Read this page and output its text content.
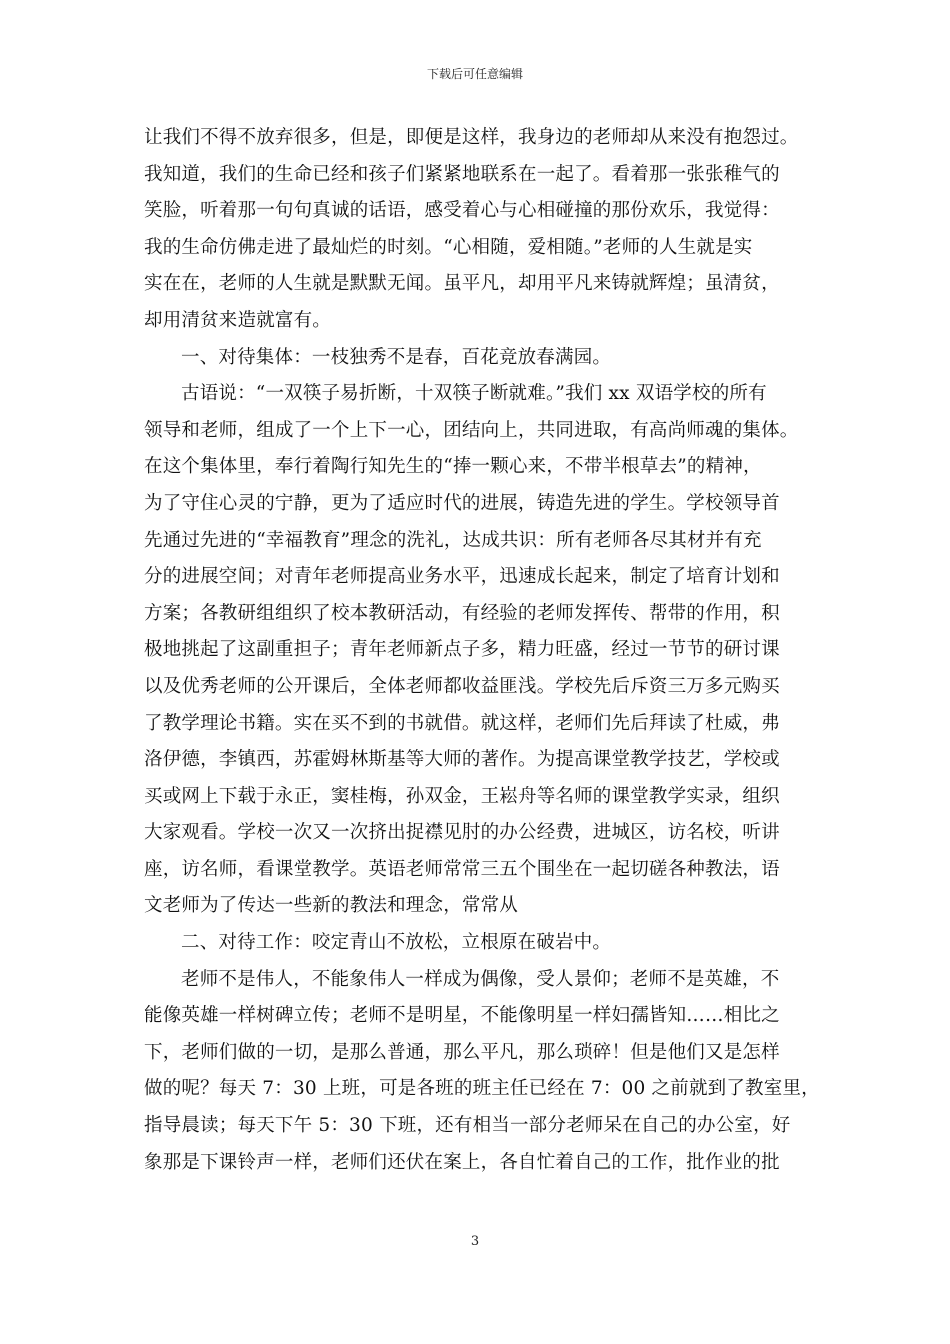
下载后可任意编辑
让我们不得不放弃很多，但是，即便是这样，我身边的老师却从来没有抱怨过。
我知道，我们的生命已经和孩子们紧紧地联系在一起了。看着那一张张稚气的
笑脸，听着那一句句真诚的话语，感受着心与心相碰撞的那份欢乐，我觉得：
我的生命仿佛走进了最灿烂的时刻。“心相随，爱相随。”老师的人生就是实
实在在，老师的人生就是默默无闻。虽平凡，却用平凡来铸就辉煌；虽清贫，
却用清贫来造就富有。
一、对待集体：一枝独秀不是春，百花竞放春满园。
古语说：“一双筷子易折断，十双筷子断就难。”我们 xx 双语学校的所有
领导和老师，组成了一个上下一心，团结向上，共同进取，有高尚师魂的集体。
在这个集体里，奉行着陶行知先生的“捧一颗心来，不带半根草去”的精神，
为了守住心灵的宁静，更为了适应时代的进展，铸造先进的学生。学校领导首
先通过先进的“幸福教育”理念的洗礼，达成共识：所有老师各尽其材并有充
分的进展空间；对青年老师提高业务水平，迅速成长起来，制定了培育计划和
方案；各教研组组织了校本教研活动，有经验的老师发挥传、帮带的作用，积
极地挑起了这副重担子；青年老师新点子多，精力旺盛，经过一节节的研讨课
以及优秀老师的公开课后，全体老师都收益匪浅。学校先后斥资三万多元购买
了教学理论书籍。实在买不到的书就借。就这样，老师们先后拜读了杜威，弗
洛伊德，李镇西，苏霍姆林斯基等大师的著作。为提高课堂教学技艺，学校或
买或网上下载于永正，窦桂梅，孙双金，王崧舟等名师的课堂教学实录，组织
大家观看。学校一次又一次挤出捉襟见肘的办公经费，进城区，访名校，听讲
座，访名师，看课堂教学。英语老师常常三五个围坐在一起切磋各种教法，语
文老师为了传达一些新的教法和理念，常常从
二、对待工作：咬定青山不放松，立根原在破岩中。
老师不是伟人，不能象伟人一样成为偶像，受人景仰；老师不是英雄，不
能像英雄一样树碑立传；老师不是明星，不能像明星一样妇孺皆知……相比之
下，老师们做的一切，是那么普通，那么平凡，那么琐碎！但是他们又是怎样
做的呢？每天 7：30 上班，可是各班的班主任已经在 7：00 之前就到了教室里，
指导晨读；每天下午 5：30 下班，还有相当一部分老师呆在自己的办公室，好
象那是下课铃声一样，老师们还伏在案上，各自忙着自己的工作，批作业的批
3
